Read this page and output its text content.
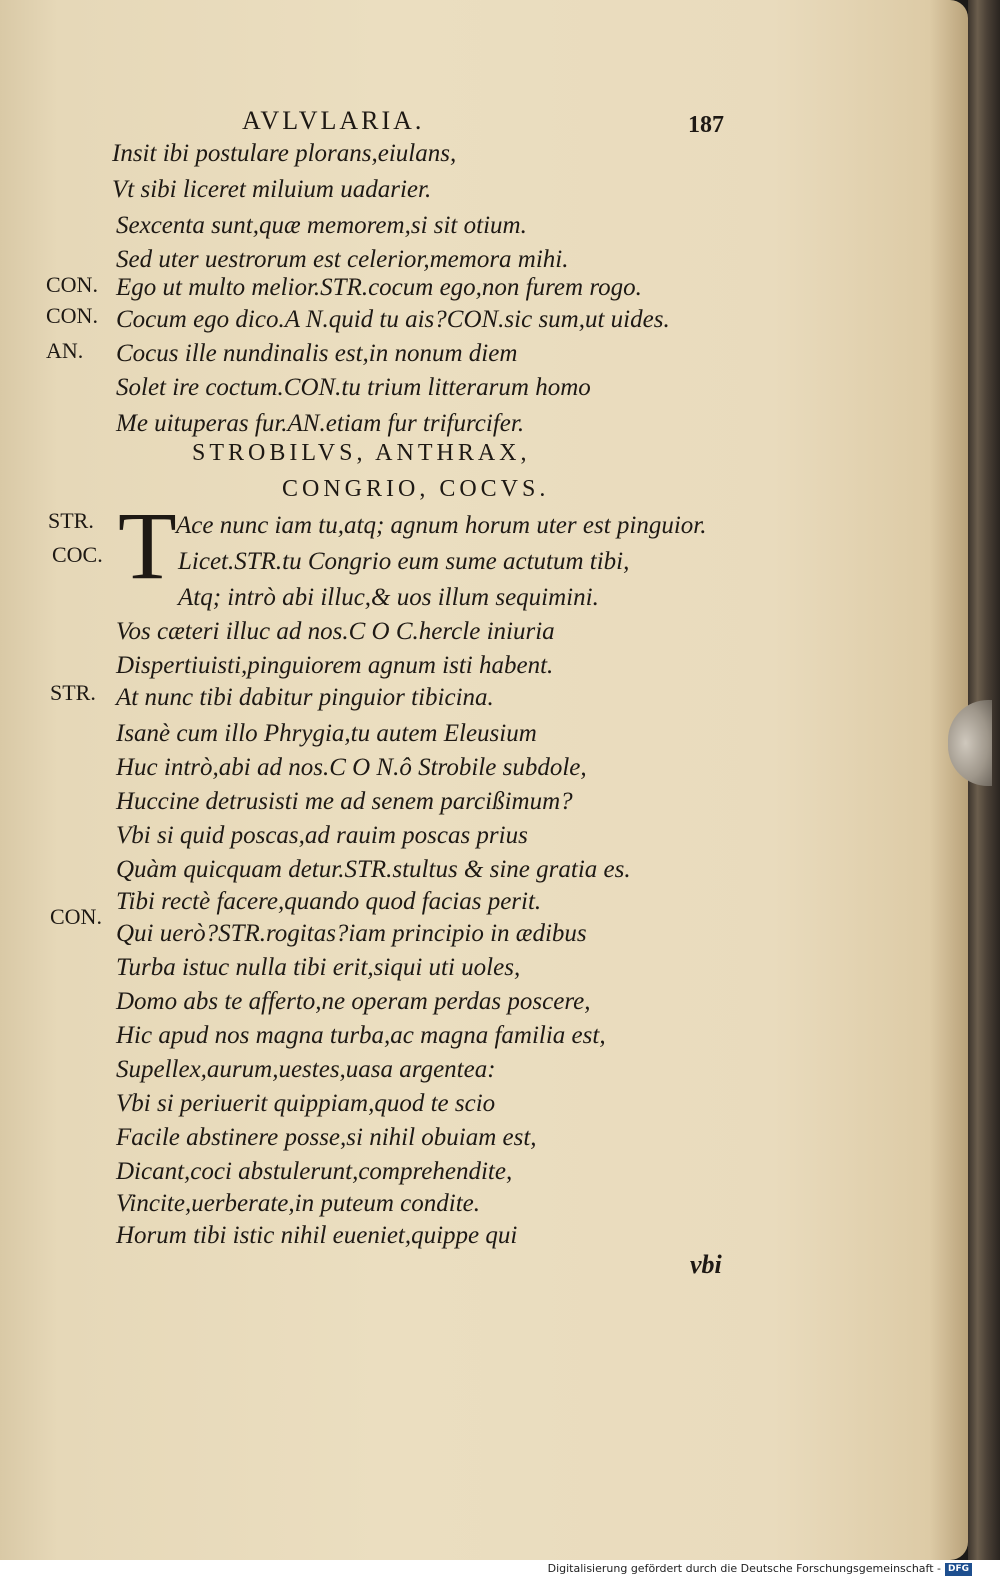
AVLVLARIA.	187
Insit ibi postulare plorans,eiulans,
Vt sibi liceret miluium uadarier.
Sexcenta sunt,quæ memorem,si sit otium.
Sed uter uestrorum est celerior,memora mihi.
CON. Ego ut multo melior.STR.cocum ego,non furem rogo.
CON. Cocum ego dico.A N.quid tu ais?CON.sic sum,ut uides.
AN. Cocus ille nundinalis est,in nonum diem
Solet ire coctum.CON.tu trium litterarum homo
Me uituperas fur.AN.etiam fur trifurcifer.
STROBILVS, ANTHRAX,
CONGRIO, COCVS.
STR. T Ace nunc iam tu,atq; agnum horum uter est pinguior.
COC.	Licet.STR.tu Congrio eum sume actutum tibi,
Atq; intrò abi illuc,& uos illum sequimini.
Vos cæteri illuc ad nos.C O C.hercle iniuria
Dispertiuisti,pinguiorem agnum isti habent.
STR. At nunc tibi dabitur pinguior tibicina.
Isanè cum illo Phrygia,tu autem Eleusium
Huc intrò,abi ad nos.C O N.ô Strobile subdole,
Huccine detrusisti me ad senem parcißimum?
Vbi si quid poscas,ad rauim poscas prius
Quàm quicquam detur.STR.stultus & sine gratia es.
Tibi rectè facere,quando quod facias perit.
CON.
Qui uerò?STR.rogitas?iam principio in ædibus
Turba istuc nulla tibi erit,siqui uti uoles,
Domo abs te afferto,ne operam perdas poscere,
Hic apud nos magna turba,ac magna familia est,
Supellex,aurum,uestes,uasa argentea:
Vbi si periuerit quippiam,quod te scio
Facile abstinere posse,si nihil obuiam est,
Dicant,coci abstulerunt,comprehendite,
Vincite,uerberate,in puteum condite.
Horum tibi istic nihil eueniet,quippe qui
vbi
Digitalisierung gefördert durch die Deutsche Forschungsgemeinschaft - DFG
